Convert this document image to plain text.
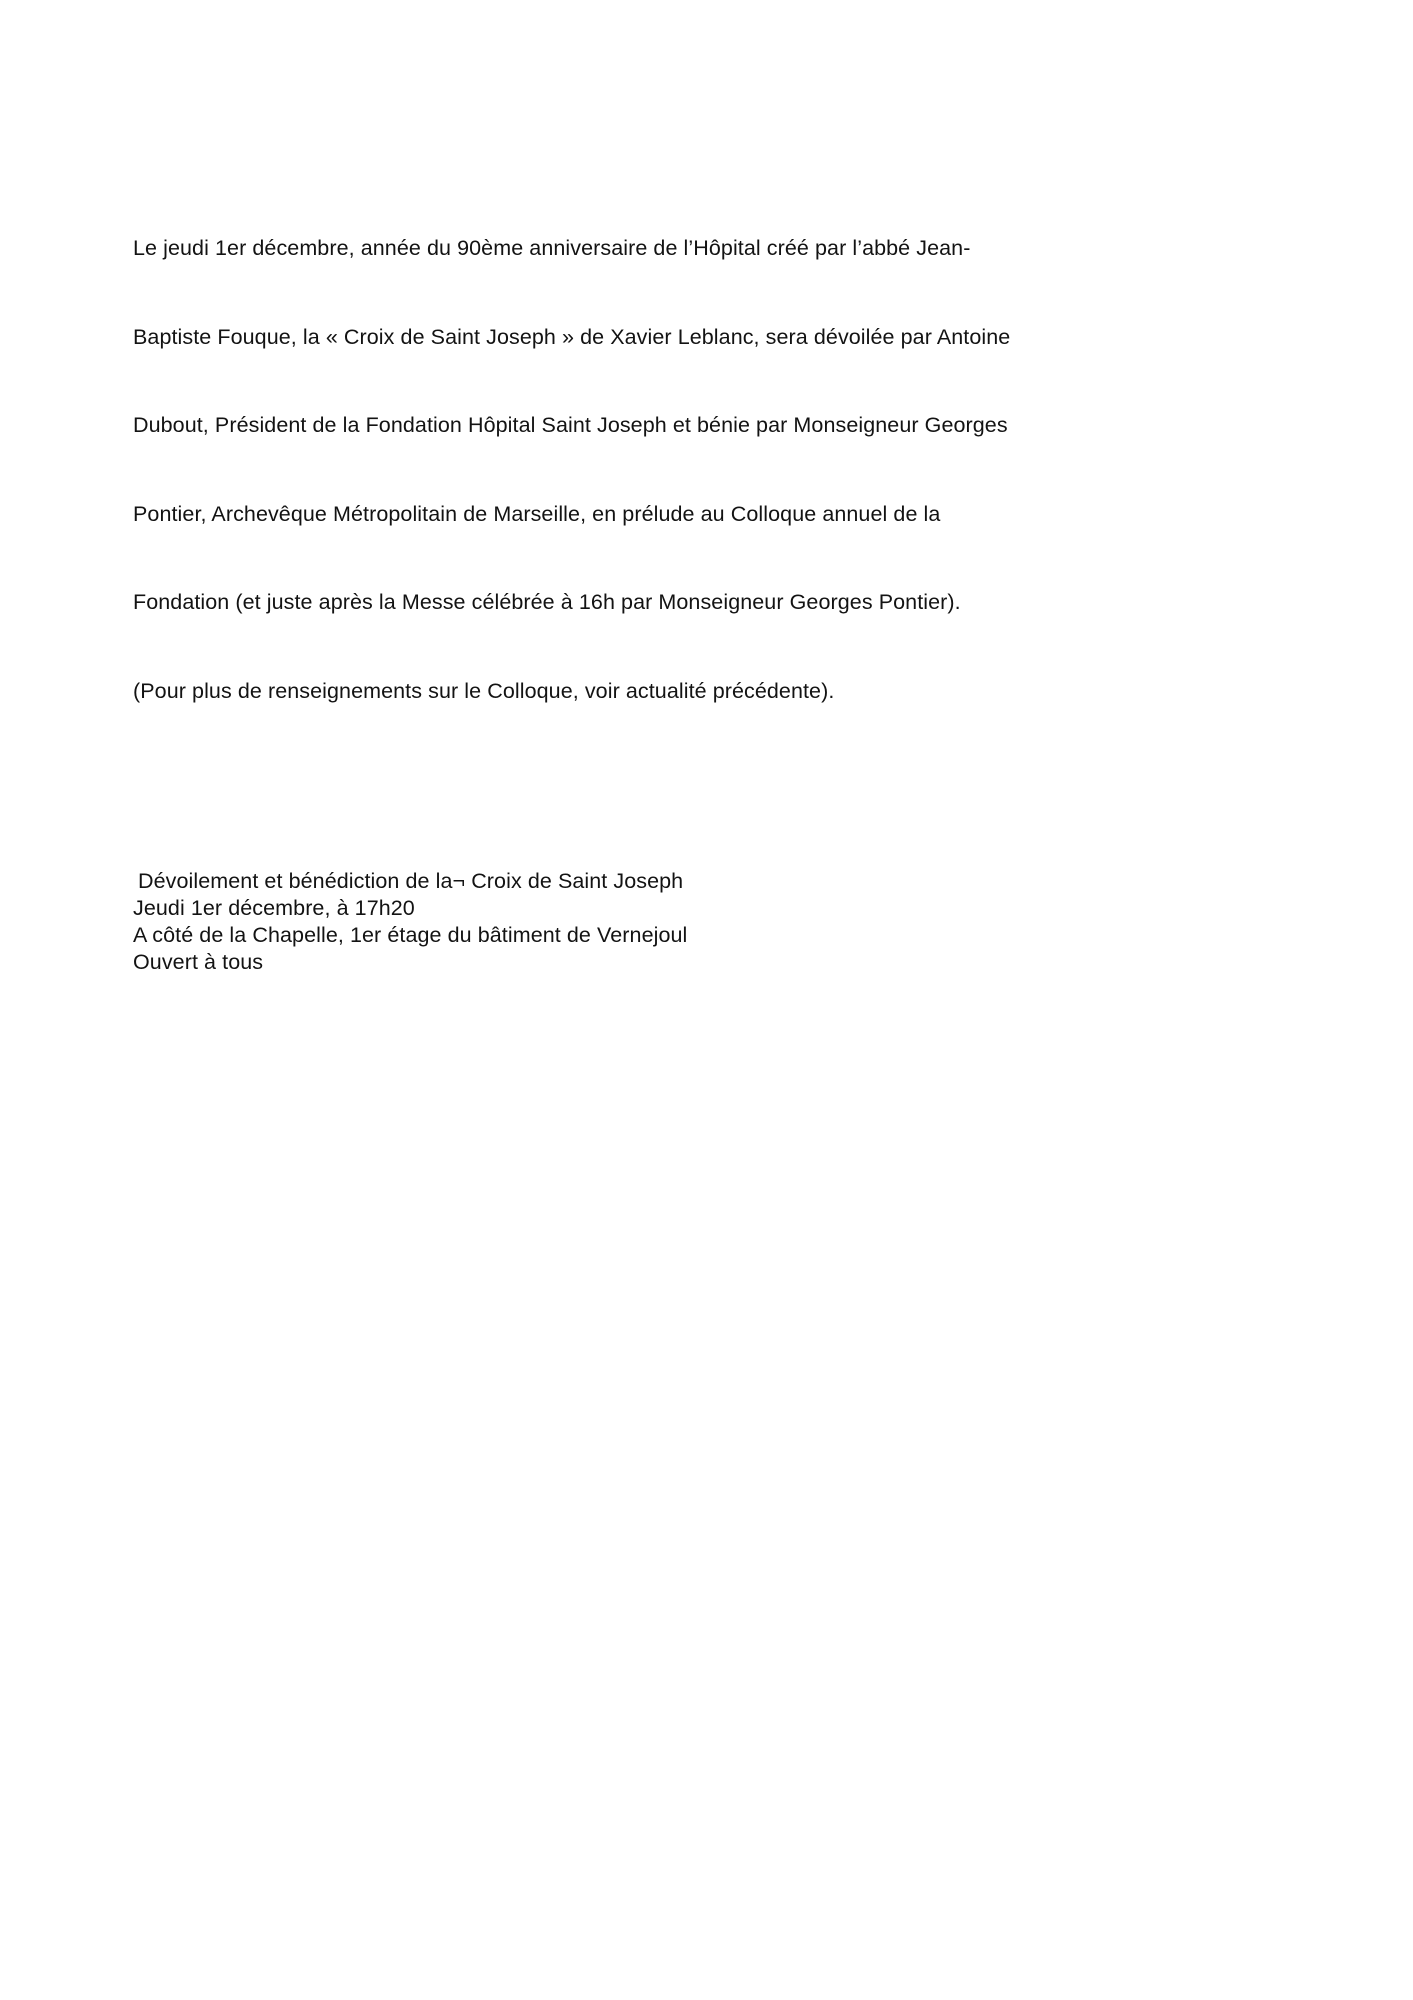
Le jeudi 1er décembre, année du 90ème anniversaire de l’Hôpital créé par l’abbé Jean-

Baptiste Fouque, la « Croix de Saint Joseph » de Xavier Leblanc, sera dévoilée par Antoine

Dubout, Président de la Fondation Hôpital Saint Joseph et bénie par Monseigneur Georges

Pontier, Archevêque Métropolitain de Marseille, en prélude au Colloque annuel de la

Fondation (et juste après la Messe célébrée à 16h par Monseigneur Georges Pontier).

(Pour plus de renseignements sur le Colloque, voir actualité précédente).

Dévoilement et bénédiction de la¬ Croix de Saint Joseph
Jeudi 1er décembre, à 17h20
A côté de la Chapelle, 1er étage du bâtiment de Vernejoul
Ouvert à tous
